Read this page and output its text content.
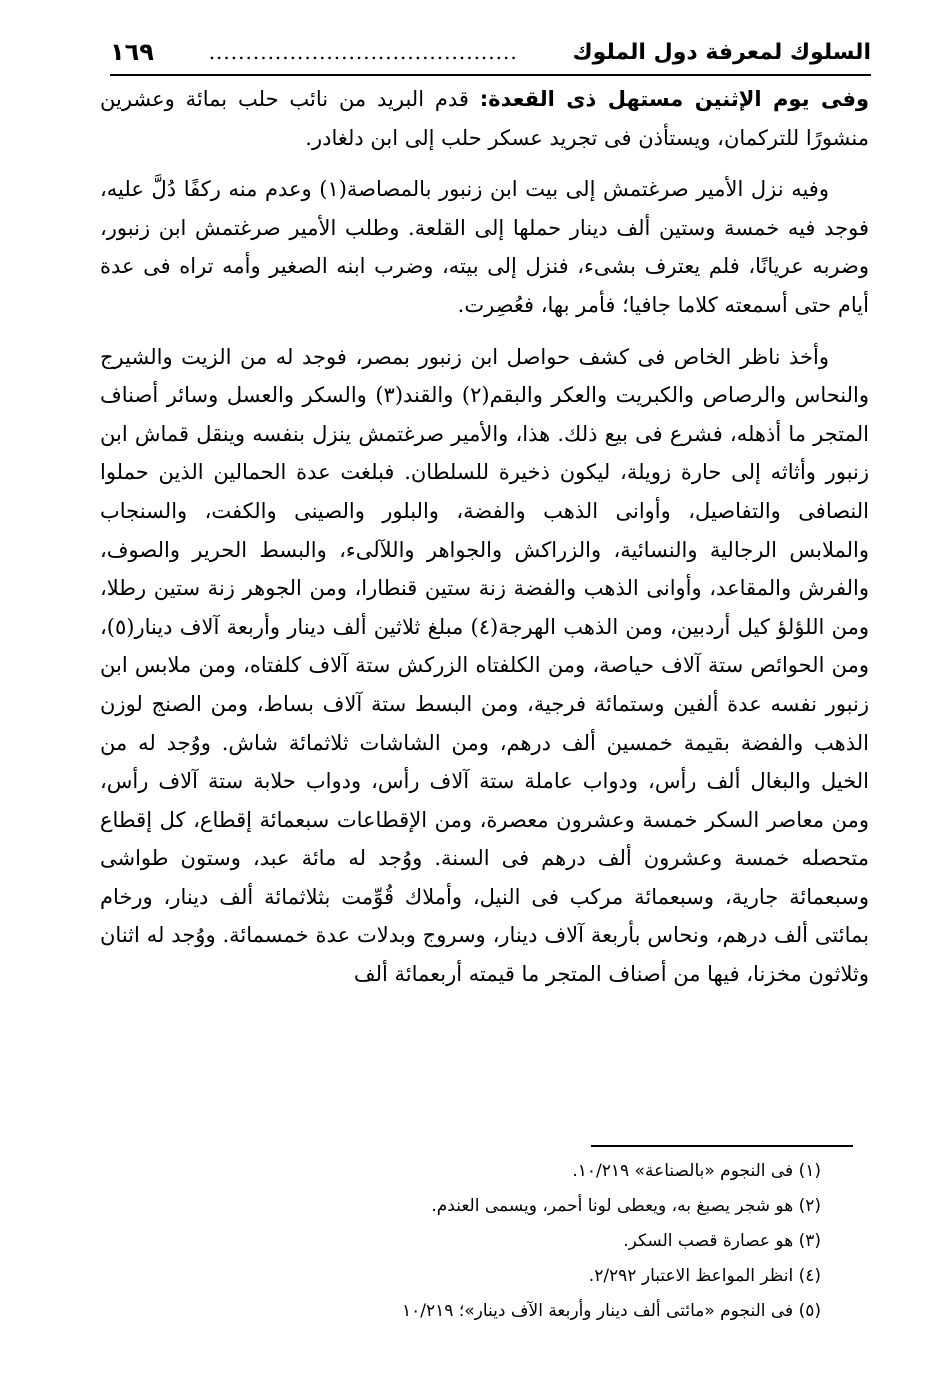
السلوك لمعرفة دول الملوك
..........................................
١٦٩

وفى يوم الإثنين مستهل ذى القعدة: قدم البريد من نائب حلب بمائة وعشرين منشورًا للتركمان، ويستأذن فى تجريد عسكر حلب إلى ابن دلغادر.

وفيه نزل الأمير صرغتمش إلى بيت ابن زنبور بالمصاصة(١) وعدم منه ركفًا دُلَّ عليه، فوجد فيه خمسة وستين ألف دينار حملها إلى القلعة. وطلب الأمير صرغتمش ابن زنبور، وضربه عريانًا، فلم يعترف بشىء، فنزل إلى بيته، وضرب ابنه الصغير وأمه تراه فى عدة أيام حتى أسمعته كلاما جافيا؛ فأمر بها، فعُصِرت.

وأخذ ناظر الخاص فى كشف حواصل ابن زنبور بمصر، فوجد له من الزيت والشيرج والنحاس والرصاص والكبريت والعكر والبقم(٢) والقند(٣) والسكر والعسل وسائر أصناف المتجر ما أذهله، فشرع فى بيع ذلك. هذا، والأمير صرغتمش ينزل بنفسه وينقل قماش ابن زنبور وأثاثه إلى حارة زويلة، ليكون ذخيرة للسلطان. فبلغت عدة الحمالين الذين حملوا النصافى والتفاصيل، وأوانى الذهب والفضة، والبلور والصينى والكفت، والسنجاب والملابس الرجالية والنسائية، والزراكش والجواهر واللآلىء، والبسط الحرير والصوف، والفرش والمقاعد، وأوانى الذهب والفضة زنة ستين قنطارا، ومن الجوهر زنة ستين رطلا، ومن اللؤلؤ كيل أردبين، ومن الذهب الهرجة(٤) مبلغ ثلاثين ألف دينار وأربعة آلاف دينار(٥)، ومن الحوائص ستة آلاف حياصة، ومن الكلفتاه الزركش ستة آلاف كلفتاه، ومن ملابس ابن زنبور نفسه عدة ألفين وستمائة فرجية، ومن البسط ستة آلاف بساط، ومن الصنج لوزن الذهب والفضة بقيمة خمسين ألف درهم، ومن الشاشات ثلاثمائة شاش. ووُجد له من الخيل والبغال ألف رأس، ودواب عاملة ستة آلاف رأس، ودواب حلابة ستة آلاف رأس، ومن معاصر السكر خمسة وعشرون معصرة، ومن الإقطاعات سبعمائة إقطاع، كل إقطاع متحصله خمسة وعشرون ألف درهم فى السنة. ووُجد له مائة عبد، وستون طواشى وسبعمائة جارية، وسبعمائة مركب فى النيل، وأملاك قُوِّمت بثلاثمائة ألف دينار، ورخام بمائتى ألف درهم، ونحاس بأربعة آلاف دينار، وسروج وبدلات عدة خمسمائة. ووُجد له اثنان وثلاثون مخزنا، فيها من أصناف المتجر ما قيمته أربعمائة ألف

(١) فى النجوم «بالصناعة» ١٠/٢١٩.

(٢) هو شجر يصبغ به، ويعطى لونا أحمر، ويسمى العندم.

(٣) هو عصارة قصب السكر.

(٤) انظر المواعظ الاعتبار ٢/٢٩٢.

(٥) فى النجوم «مائتى ألف دينار وأربعة الآف دينار»؛ ١٠/٢١٩
